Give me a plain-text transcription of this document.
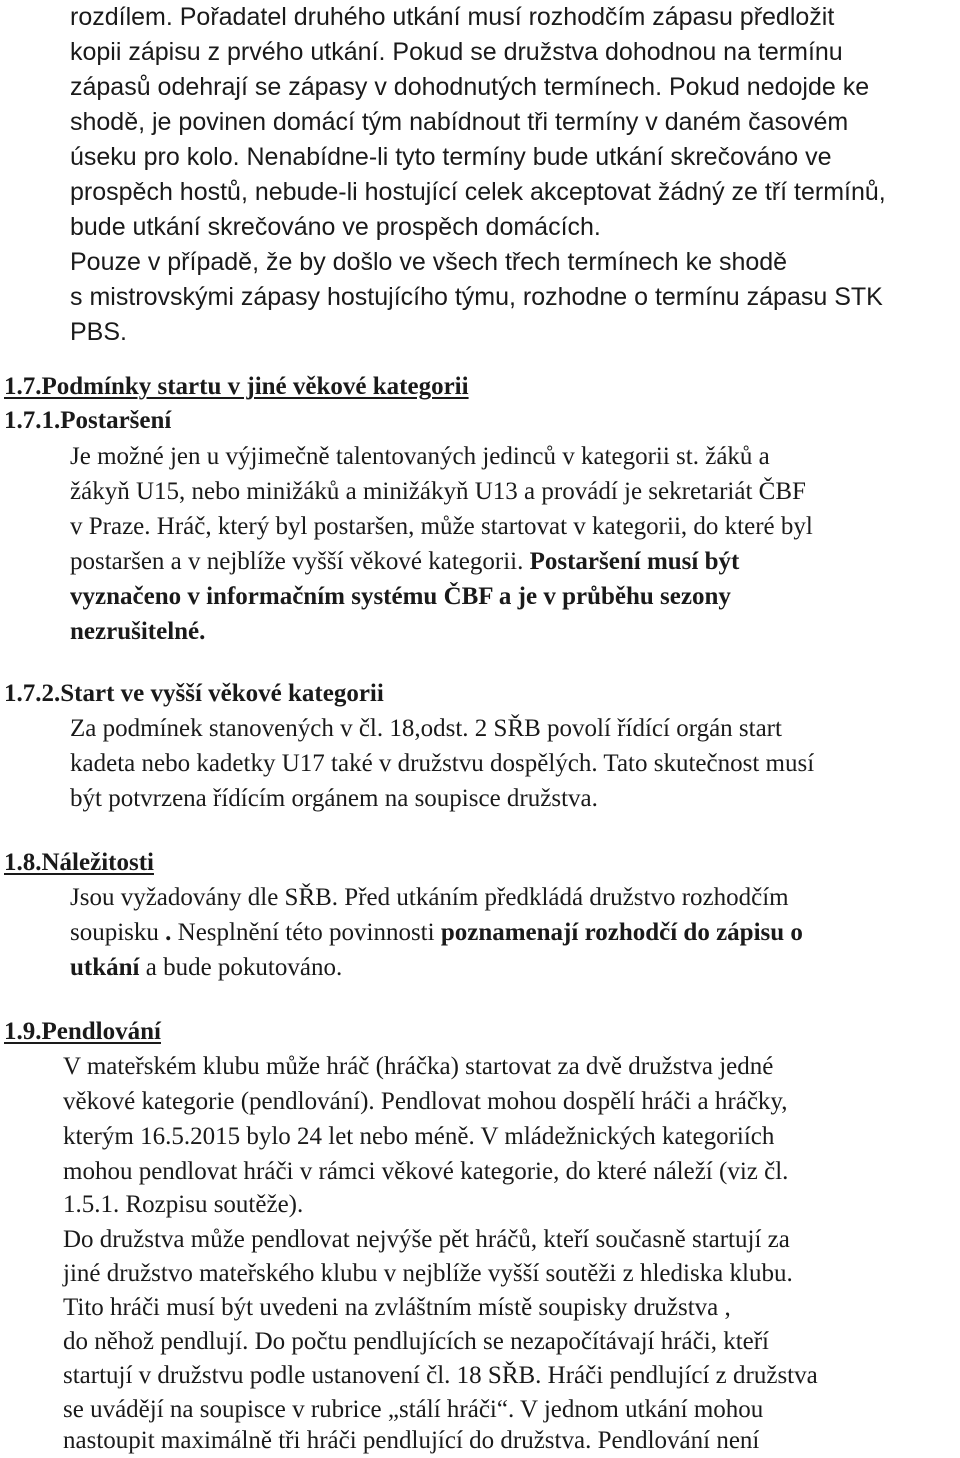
rozdílem. Pořadatel druhého utkání musí rozhodčím zápasu předložit
kopii zápisu z prvého utkání. Pokud se družstva dohodnou na termínu
zápasů odehrají se zápasy v dohodnutých termínech. Pokud nedojde ke
shodě, je povinen domácí tým nabídnout tři termíny v daném časovém
úseku pro kolo. Nenabídne-li tyto termíny bude utkání skrečováno ve
prospěch hostů, nebude-li hostující celek akceptovat žádný ze tří termínů,
bude utkání skrečováno ve prospěch domácích.
Pouze v případě, že by došlo ve všech třech termínech ke shodě
s mistrovskými zápasy hostujícího týmu, rozhodne o termínu zápasu STK
PBS.
1.7.Podmínky startu v jiné věkové kategorii
1.7.1.Postaršení
Je možné jen u výjimečně talentovaných jedinců v kategorii st. žáků a
žákyň U15, nebo minižáků a minižákyň U13 a provádí je sekretariát ČBF
v Praze. Hráč, který byl postaršen, může startovat v kategorii, do které byl
postaršen a v nejblíže vyšší věkové kategorii. Postaršení musí být
vyznačeno v informačním systému ČBF a je v průběhu sezony
nezrušitelné.
1.7.2.Start ve vyšší věkové kategorii
Za podmínek stanovených v čl. 18,odst. 2 SŘB povolí řídící orgán start
kadeta nebo kadetky U17 také v družstvu dospělých. Tato skutečnost musí
být potvrzena řídícím orgánem na soupisce družstva.
1.8.Náležitosti
Jsou vyžadovány dle SŘB. Před utkáním předkládá družstvo rozhodčím
soupisku . Nesplnění této povinnosti poznamenají rozhodčí do zápisu o
utkání a bude pokutováno.
1.9.Pendlování
V mateřském klubu může hráč (hráčka) startovat za dvě družstva jedné
věkové kategorie (pendlování). Pendlovat mohou dospělí hráči a hráčky,
kterým 16.5.2015 bylo 24 let nebo méně. V mládežnických kategoriích
mohou pendlovat hráči v rámci věkové kategorie, do které náleží (viz čl.
1.5.1. Rozpisu soutěže).
Do družstva může pendlovat nejvýše pět hráčů, kteří současně startují za
jiné družstvo mateřského klubu v nejblíže vyšší soutěži z hlediska klubu.
Tito hráči musí být uvedeni na zvláštním místě soupisky družstva ,
do něhož pendlují. Do počtu pendlujících se nezapočítávají hráči, kteří
startují v družstvu podle ustanovení čl. 18 SŘB. Hráči pendlující z družstva
se uvádějí na soupisce v rubrice „stálí hráči“. V jednom utkání mohou
nastoupit maximálně tři hráči pendlující do družstva. Pendlování není
